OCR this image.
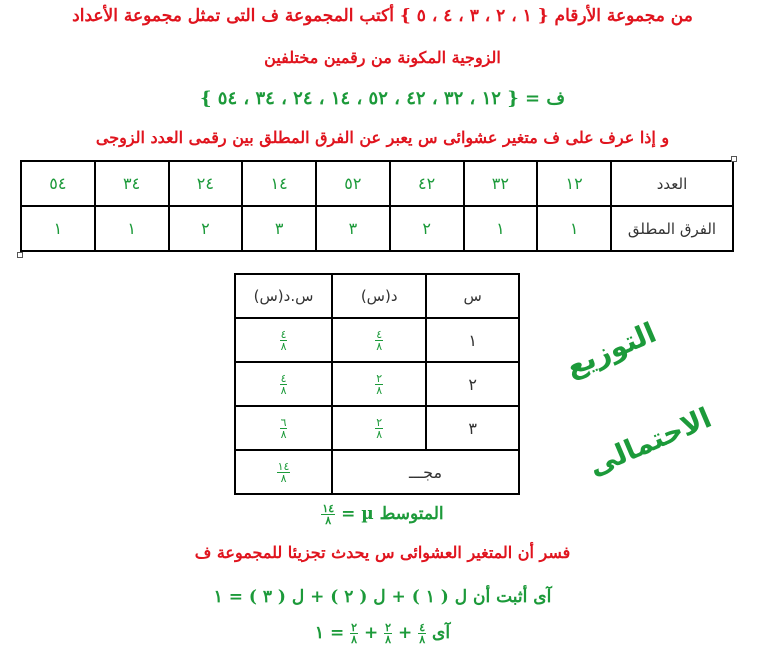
من مجموعة الأرقام { ١ ، ٢ ، ٣ ، ٤ ، ٥ } أكتب المجموعة ف التى تمثل مجموعة الأعداد
الزوجية المكونة من رقمين مختلفين
ف = { ١٢ ، ٣٢ ، ٤٢ ، ٥٢ ، ١٤ ، ٢٤ ، ٣٤ ، ٥٤ }
و إذا عرف على ف متغير عشوائى س يعبر عن الفرق المطلق بين رقمى العدد الزوجى
العدد	١٢	٣٢	٤٢	٥٢	١٤	٢٤	٣٤	٥٤
الفرق المطلق	١	١	٢	٣	٣	٢	١	١
س	د(س)	س.د(س)
١	$\frac{٤}{٨}$	$\frac{٤}{٨}$

٢	$\frac{٢}{٨}$	$\frac{٤}{٨}$

٣	$\frac{٢}{٨}$	$\frac{٦}{٨}$

مجـــ		$\frac{١٤}{٨}$
التوزيع الاحتمالى
المتوسط µ =
$\frac{١٤}{٨}$
فسر أن المتغير العشوائى س يحدث تجزيئا للمجموعة ف
آى أثبت أن ل ( ١ ) + ل ( ٢ ) + ل ( ٣ ) = ١
آى
$\frac{٤}{٨}$
+
$\frac{٢}{٨}$
+
$\frac{٢}{٨}$
= ١
